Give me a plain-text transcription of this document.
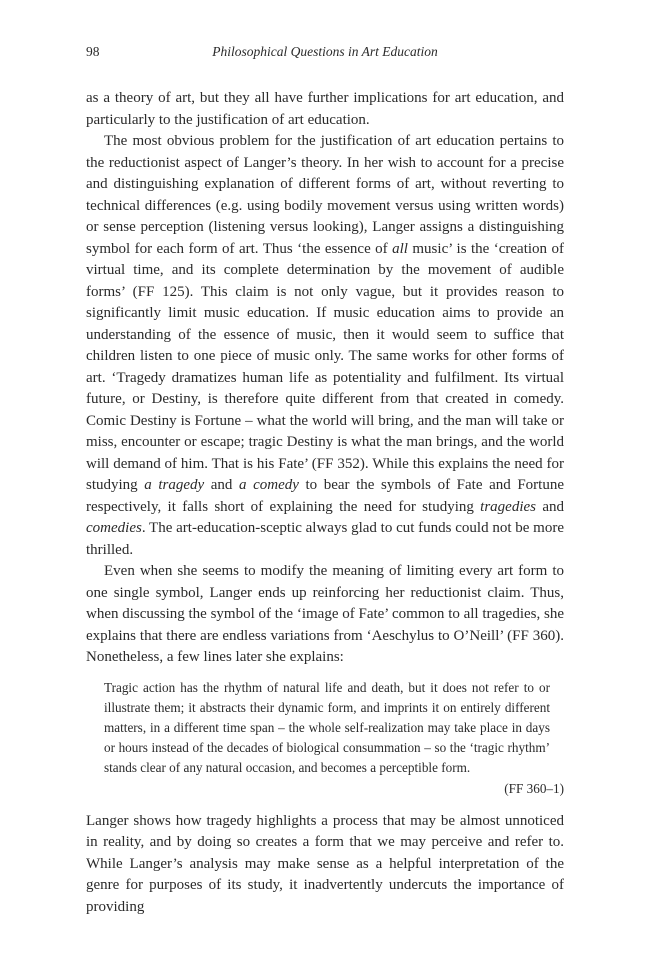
98	Philosophical Questions in Art Education

as a theory of art, but they all have further implications for art education, and particularly to the justification of art education.

The most obvious problem for the justification of art education pertains to the reductionist aspect of Langer’s theory. In her wish to account for a precise and distinguishing explanation of different forms of art, without reverting to technical differences (e.g. using bodily movement versus using written words) or sense perception (listening versus looking), Langer assigns a distinguishing symbol for each form of art. Thus ‘the essence of all music’ is the ‘creation of virtual time, and its complete determination by the movement of audible forms’ (FF 125). This claim is not only vague, but it provides reason to significantly limit music education. If music education aims to provide an understanding of the essence of music, then it would seem to suffice that children listen to one piece of music only. The same works for other forms of art. ‘Tragedy dramatizes human life as potentiality and fulfilment. Its virtual future, or Destiny, is therefore quite different from that created in comedy. Comic Destiny is Fortune – what the world will bring, and the man will take or miss, encounter or escape; tragic Destiny is what the man brings, and the world will demand of him. That is his Fate’ (FF 352). While this explains the need for studying a tragedy and a comedy to bear the symbols of Fate and Fortune respectively, it falls short of explaining the need for studying tragedies and comedies. The art-education-sceptic always glad to cut funds could not be more thrilled.

Even when she seems to modify the meaning of limiting every art form to one single symbol, Langer ends up reinforcing her reductionist claim. Thus, when discussing the symbol of the ‘image of Fate’ common to all tragedies, she explains that there are endless variations from ‘Aeschylus to O’Neill’ (FF 360). Nonetheless, a few lines later she explains:

Tragic action has the rhythm of natural life and death, but it does not refer to or illustrate them; it abstracts their dynamic form, and imprints it on entirely different matters, in a different time span – the whole self-realization may take place in days or hours instead of the decades of biological consummation – so the ‘tragic rhythm’ stands clear of any natural occasion, and becomes a perceptible form.
(FF 360–1)

Langer shows how tragedy highlights a process that may be almost unnoticed in reality, and by doing so creates a form that we may perceive and refer to. While Langer’s analysis may make sense as a helpful interpretation of the genre for purposes of its study, it inadvertently undercuts the importance of providing
